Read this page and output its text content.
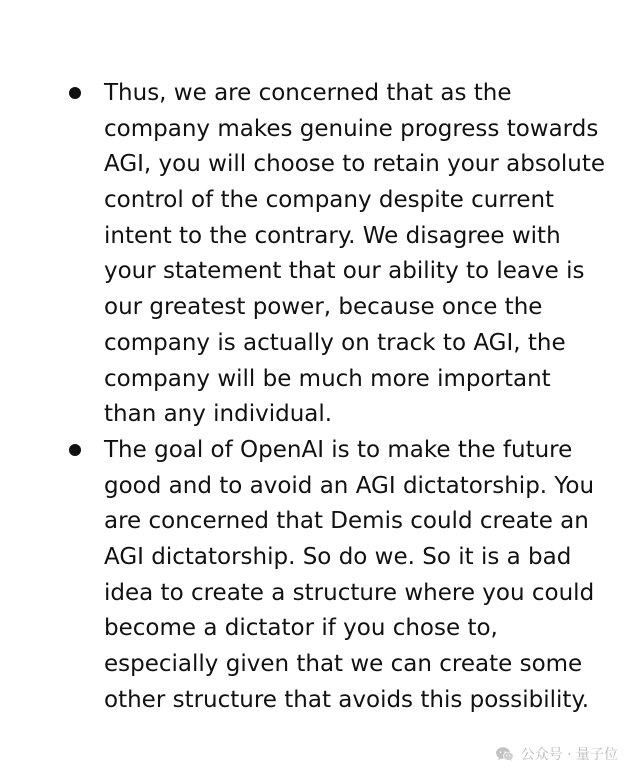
Thus, we are concerned that as the
company makes genuine progress towards
AGI, you will choose to retain your absolute
control of the company despite current
intent to the contrary. We disagree with
your statement that our ability to leave is
our greatest power, because once the
company is actually on track to AGI, the
company will be much more important
than any individual.
The goal of OpenAI is to make the future
good and to avoid an AGI dictatorship. You
are concerned that Demis could create an
AGI dictatorship. So do we. So it is a bad
idea to create a structure where you could
become a dictator if you chose to,
especially given that we can create some
other structure that avoids this possibility.
公众号 · 量子位
